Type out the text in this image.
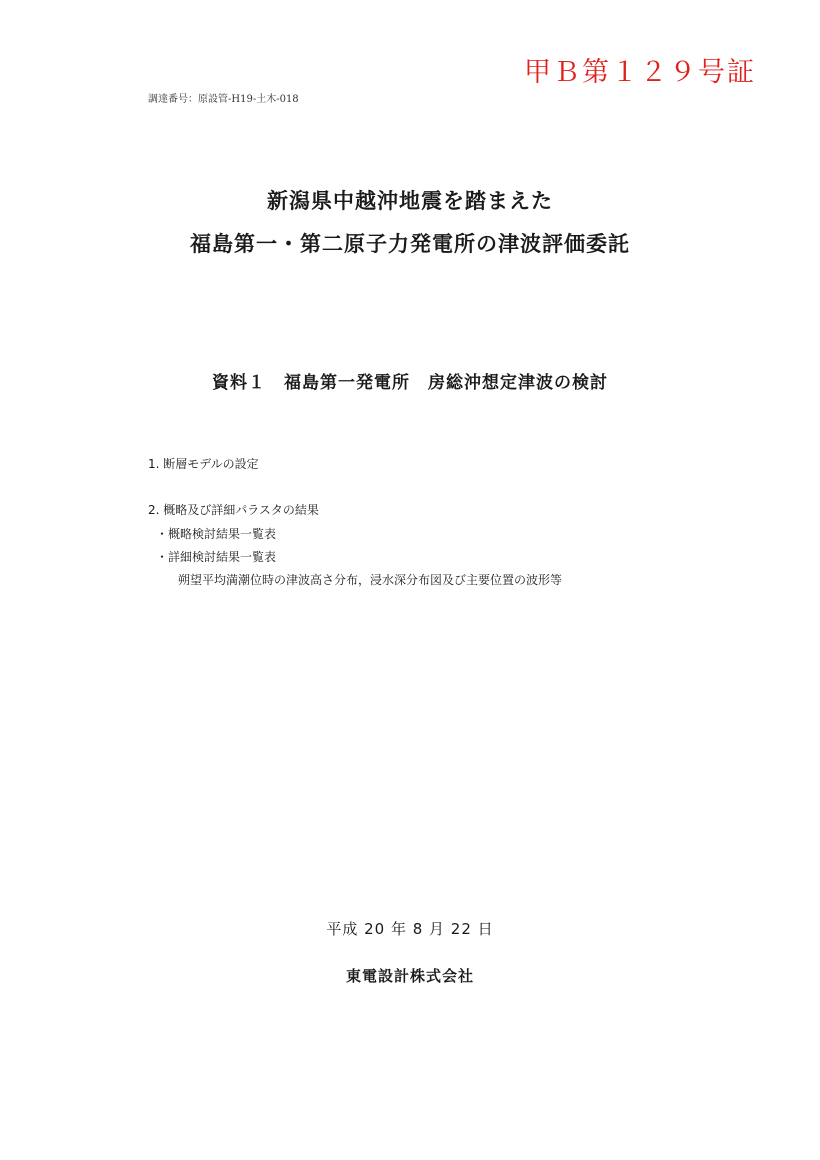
甲Ｂ第１２９号証
調達番号：原設管-H19-土木-018
新潟県中越沖地震を踏まえた
福島第一・第二原子力発電所の津波評価委託
資料１　福島第一発電所　房総沖想定津波の検討
1. 断層モデルの設定
2. 概略及び詳細パラスタの結果
・概略検討結果一覧表
・詳細検討結果一覧表
朔望平均満潮位時の津波高さ分布，浸水深分布図及び主要位置の波形等
平成 20 年 8 月 22 日
東電設計株式会社
